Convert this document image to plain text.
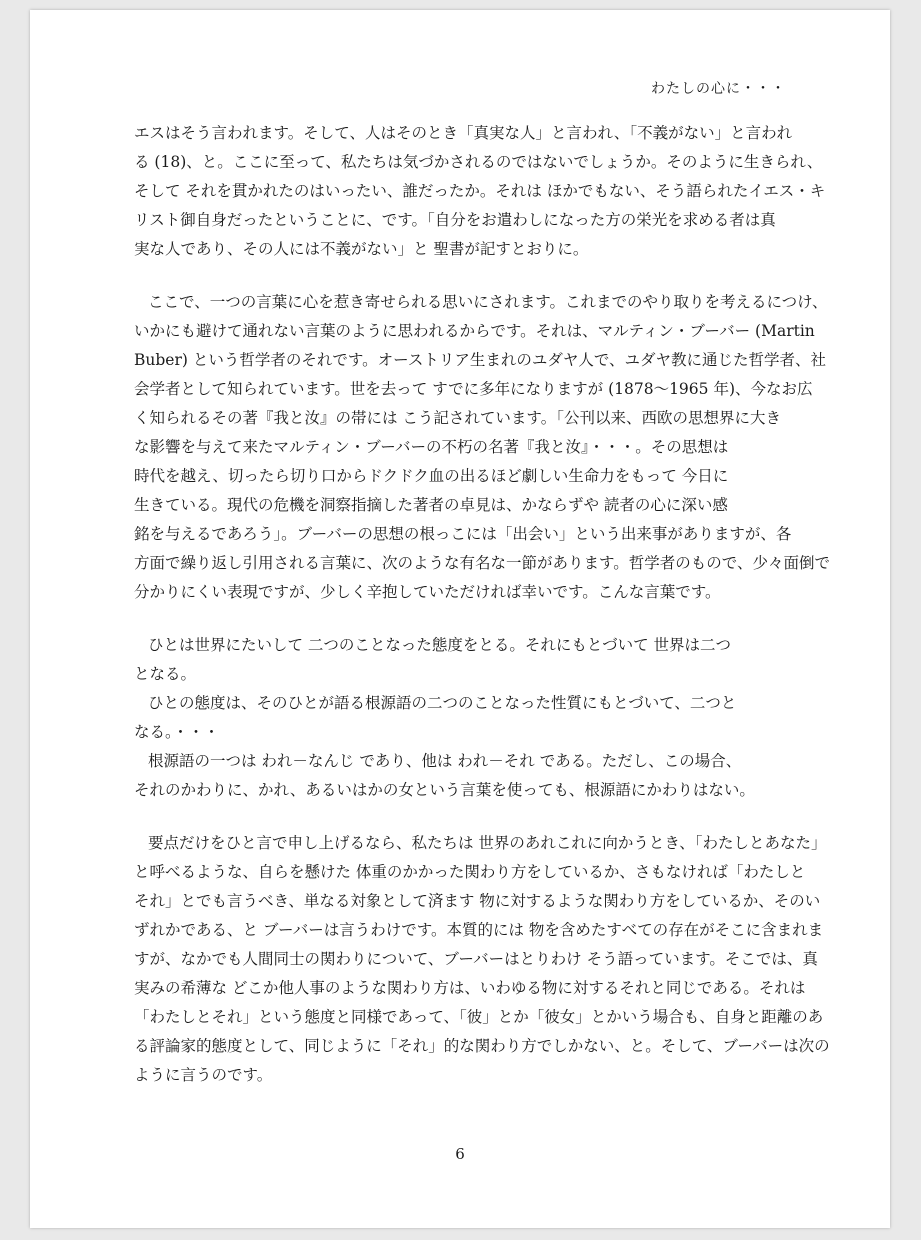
わたしの心に・・・
エスはそう言われます。そして、人はそのとき「真実な人」と言われ、「不義がない」と言われ
る (18)、と。ここに至って、私たちは気づかされるのではないでしょうか。そのように生きられ、
そして それを貫かれたのはいったい、誰だったか。それは ほかでもない、そう語られたイエス・キ
リスト御自身だったということに、です。「自分をお遣わしになった方の栄光を求める者は真
実な人であり、その人には不義がない」と 聖書が記すとおりに。
ここで、一つの言葉に心を惹き寄せられる思いにされます。これまでのやり取りを考えるにつけ、
いかにも避けて通れない言葉のように思われるからです。それは、マルティン・ブーバー (Martin
Buber) という哲学者のそれです。オーストリア生まれのユダヤ人で、ユダヤ教に通じた哲学者、社
会学者として知られています。世を去って すでに多年になりますが (1878〜1965 年)、今なお広
く知られるその著『我と汝』の帯には こう記されています。「公刊以来、西欧の思想界に大き
な影響を与えて来たマルティン・ブーバーの不朽の名著『我と汝』・・・。その思想は
時代を越え、切ったら切り口からドクドク血の出るほど劇しい生命力をもって 今日に
生きている。現代の危機を洞察指摘した著者の卓見は、かならずや 読者の心に深い感
銘を与えるであろう」。ブーバーの思想の根っこには「出会い」という出来事がありますが、各
方面で繰り返し引用される言葉に、次のような有名な一節があります。哲学者のもので、少々面倒で
分かりにくい表現ですが、少しく辛抱していただければ幸いです。こんな言葉です。
ひとは世界にたいして 二つのことなった態度をとる。それにもとづいて 世界は二つ
となる。
ひとの態度は、そのひとが語る根源語の二つのことなった性質にもとづいて、二つと
なる。・・・
根源語の一つは われ－なんじ であり、他は われ－それ である。ただし、この場合、
それのかわりに、かれ、あるいはかの女という言葉を使っても、根源語にかわりはない。
要点だけをひと言で申し上げるなら、私たちは 世界のあれこれに向かうとき、「わたしとあなた」
と呼べるような、自らを懸けた 体重のかかった関わり方をしているか、さもなければ「わたしと
それ」とでも言うべき、単なる対象として済ます 物に対するような関わり方をしているか、そのい
ずれかである、と ブーバーは言うわけです。本質的には 物を含めたすべての存在がそこに含まれま
すが、なかでも人間同士の関わりについて、ブーバーはとりわけ そう語っています。そこでは、真
実みの希薄な どこか他人事のような関わり方は、いわゆる物に対するそれと同じである。それは
「わたしとそれ」という態度と同様であって、「彼」とか「彼女」とかいう場合も、自身と距離のあ
る評論家的態度として、同じように「それ」的な関わり方でしかない、と。そして、ブーバーは次の
ように言うのです。
6
